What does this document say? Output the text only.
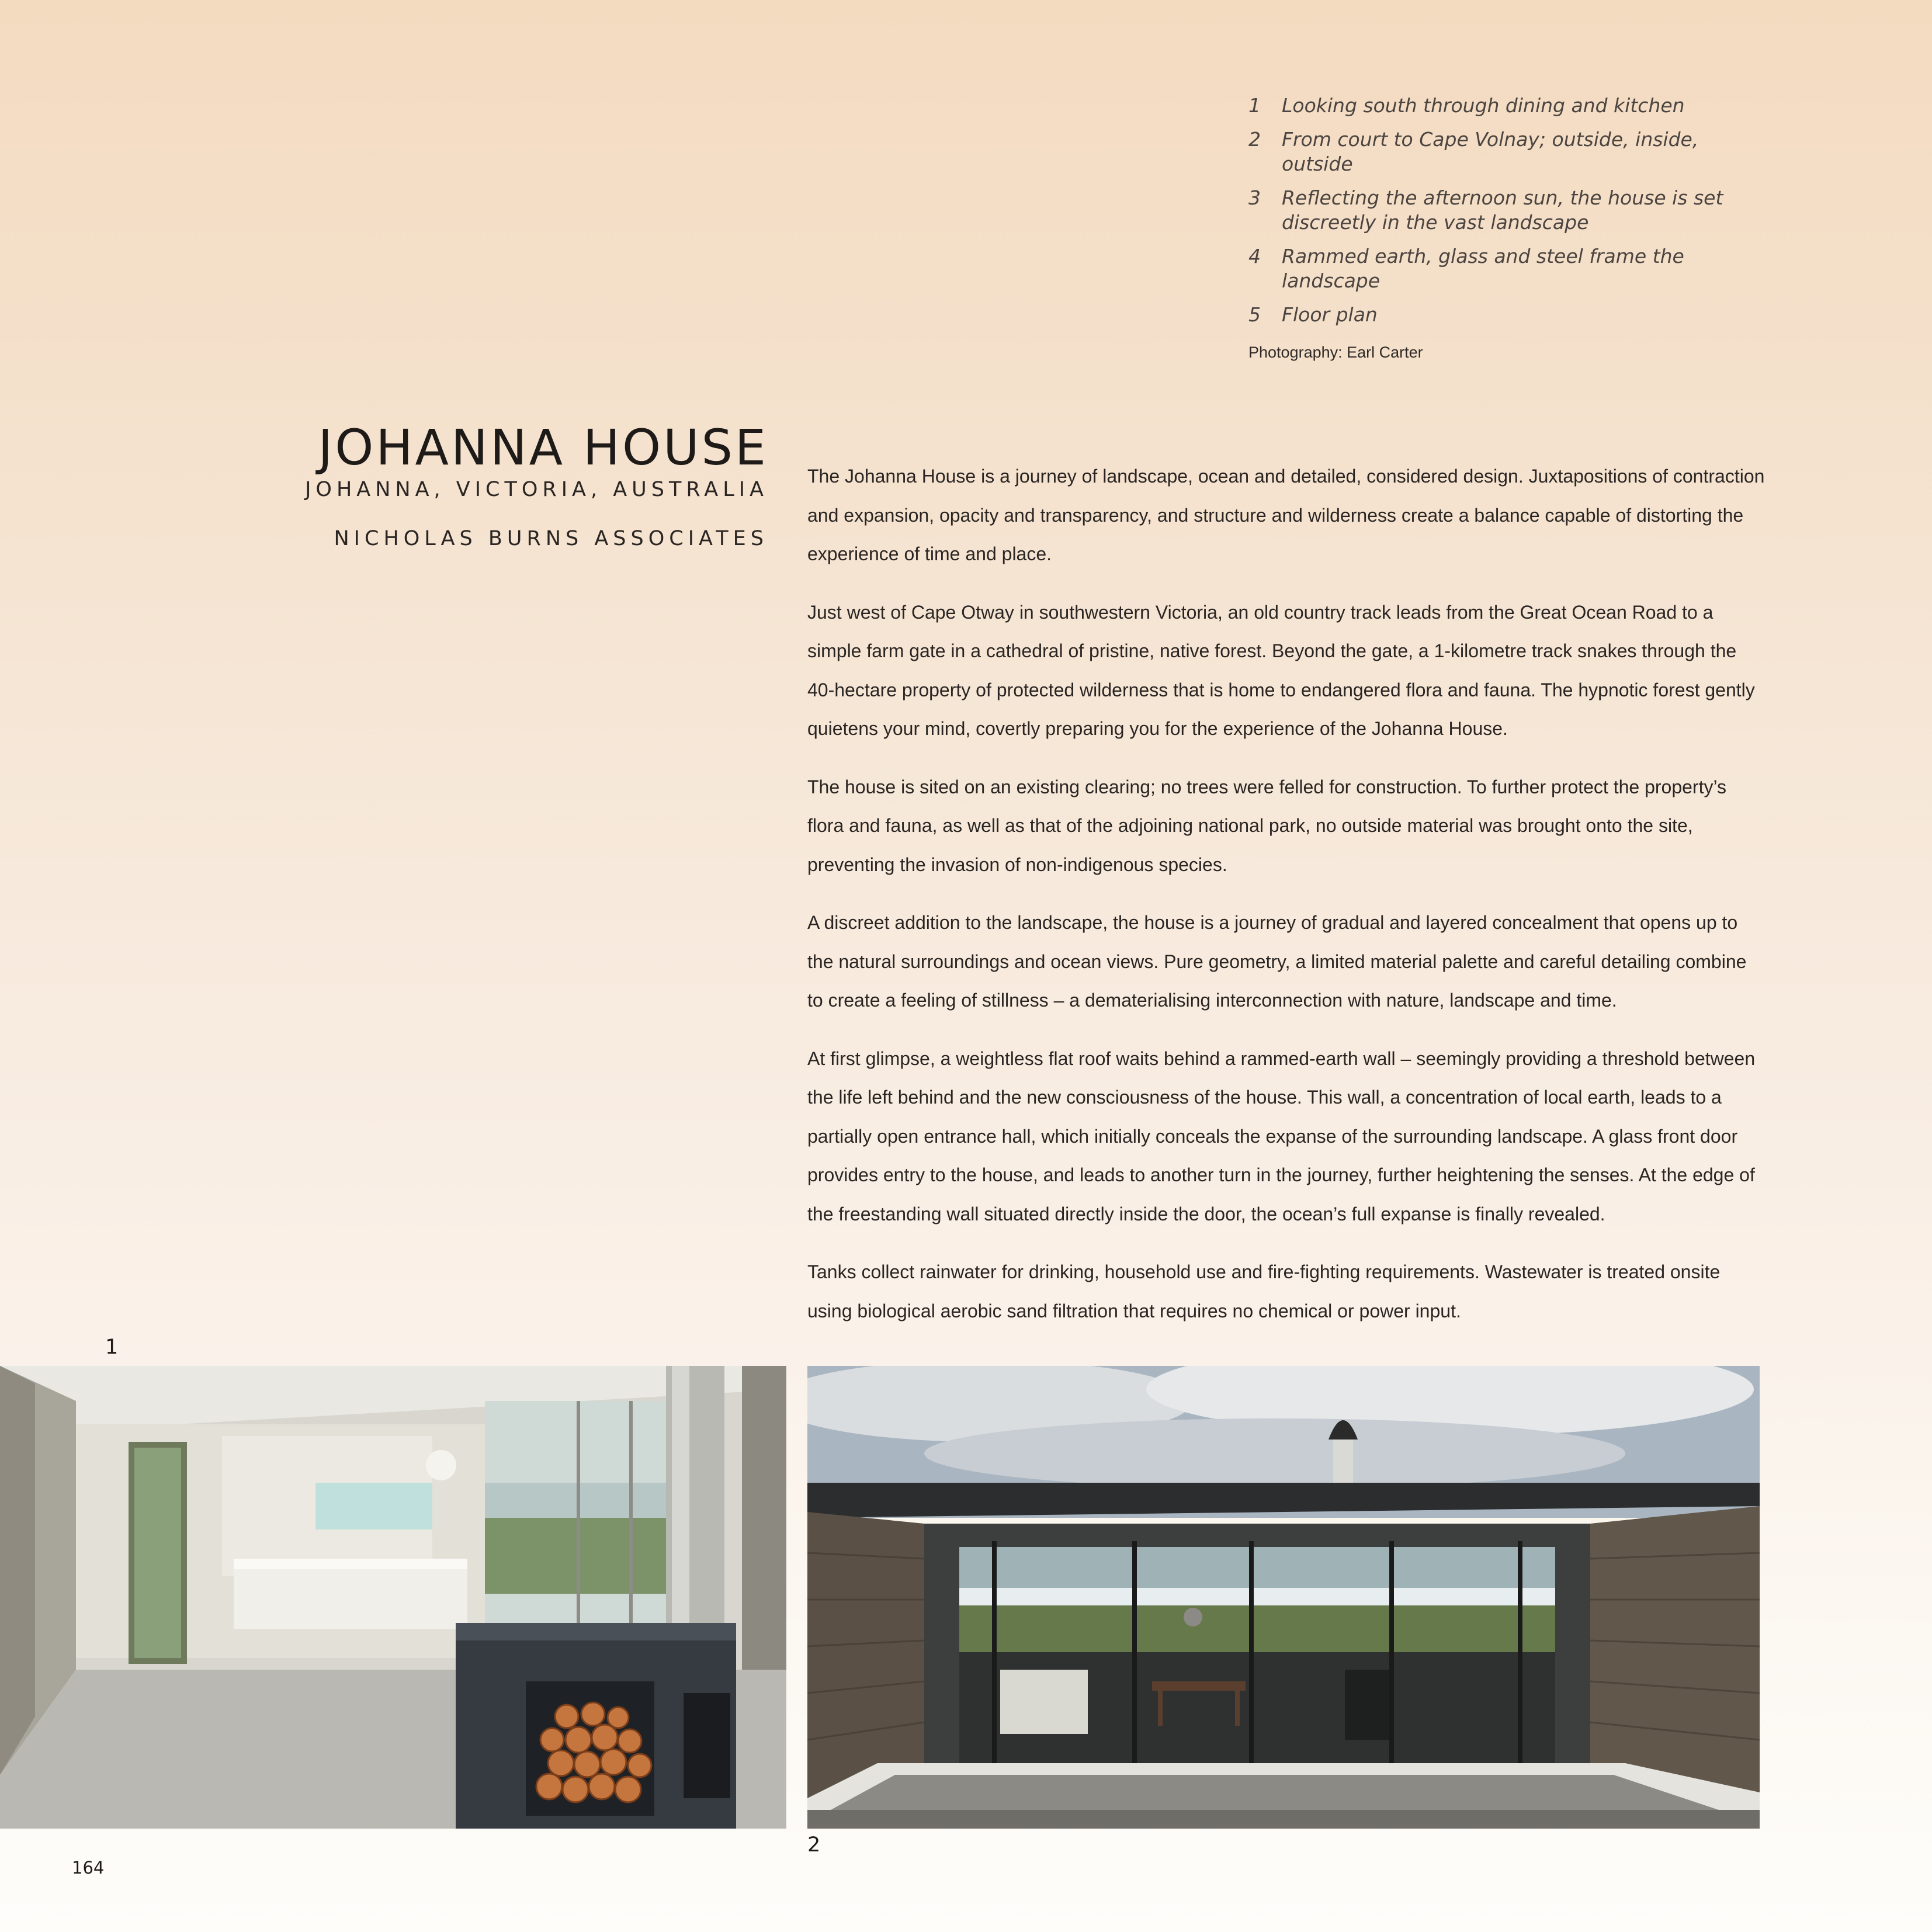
1	Looking south through dining and kitchen
2	From court to Cape Volnay; outside, inside, outside
3	Reflecting the afternoon sun, the house is set discreetly in the vast landscape
4	Rammed earth, glass and steel frame the landscape
5	Floor plan
Photography: Earl Carter
JOHANNA HOUSE
JOHANNA, VICTORIA, AUSTRALIA
NICHOLAS BURNS ASSOCIATES

The Johanna House is a journey of landscape, ocean and detailed, considered design. Juxtapositions of contraction and expansion, opacity and transparency, and structure and wilderness create a balance capable of distorting the experience of time and place.

Just west of Cape Otway in southwestern Victoria, an old country track leads from the Great Ocean Road to a simple farm gate in a cathedral of pristine, native forest. Beyond the gate, a 1-kilometre track snakes through the 40-hectare property of protected wilderness that is home to endangered flora and fauna. The hypnotic forest gently quietens your mind, covertly preparing you for the experience of the Johanna House.

The house is sited on an existing clearing; no trees were felled for construction. To further protect the property’s flora and fauna, as well as that of the adjoining national park, no outside material was brought onto the site, preventing the invasion of non-indigenous species.

A discreet addition to the landscape, the house is a journey of gradual and layered concealment that opens up to the natural surroundings and ocean views. Pure geometry, a limited material palette and careful detailing combine to create a feeling of stillness – a dematerialising interconnection with nature, landscape and time.

At first glimpse, a weightless flat roof waits behind a rammed-earth wall – seemingly providing a threshold between the life left behind and the new consciousness of the house. This wall, a concentration of local earth, leads to a partially open entrance hall, which initially conceals the expanse of the surrounding landscape. A glass front door provides entry to the house, and leads to another turn in the journey, further heightening the senses. At the edge of the freestanding wall situated directly inside the door, the ocean’s full expanse is finally revealed.

Tanks collect rainwater for drinking, household use and fire-fighting requirements. Wastewater is treated onsite using biological aerobic sand filtration that requires no chemical or power input.

1
2
164
